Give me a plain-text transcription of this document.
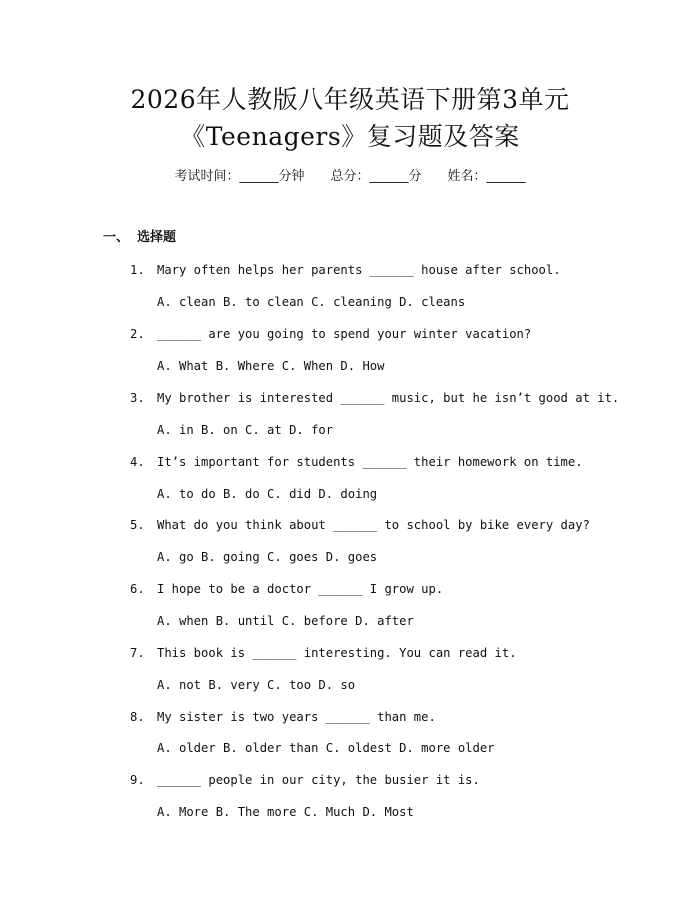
2026年人教版八年级英语下册第3单元
《Teenagers》复习题及答案
考试时间：______分钟 总分：______分 姓名：______
一、 选择题
1. Mary often helps her parents ______ house after school.
A. clean B. to clean C. cleaning D. cleans
2. ______ are you going to spend your winter vacation?
A. What B. Where C. When D. How
3. My brother is interested ______ music, but he isn’t good at it.
A. in B. on C. at D. for
4. It’s important for students ______ their homework on time.
A. to do B. do C. did D. doing
5. What do you think about ______ to school by bike every day?
A. go B. going C. goes D. goes
6. I hope to be a doctor ______ I grow up.
A. when B. until C. before D. after
7. This book is ______ interesting. You can read it.
A. not B. very C. too D. so
8. My sister is two years ______ than me.
A. older B. older than C. oldest D. more older
9. ______ people in our city, the busier it is.
A. More B. The more C. Much D. Most
